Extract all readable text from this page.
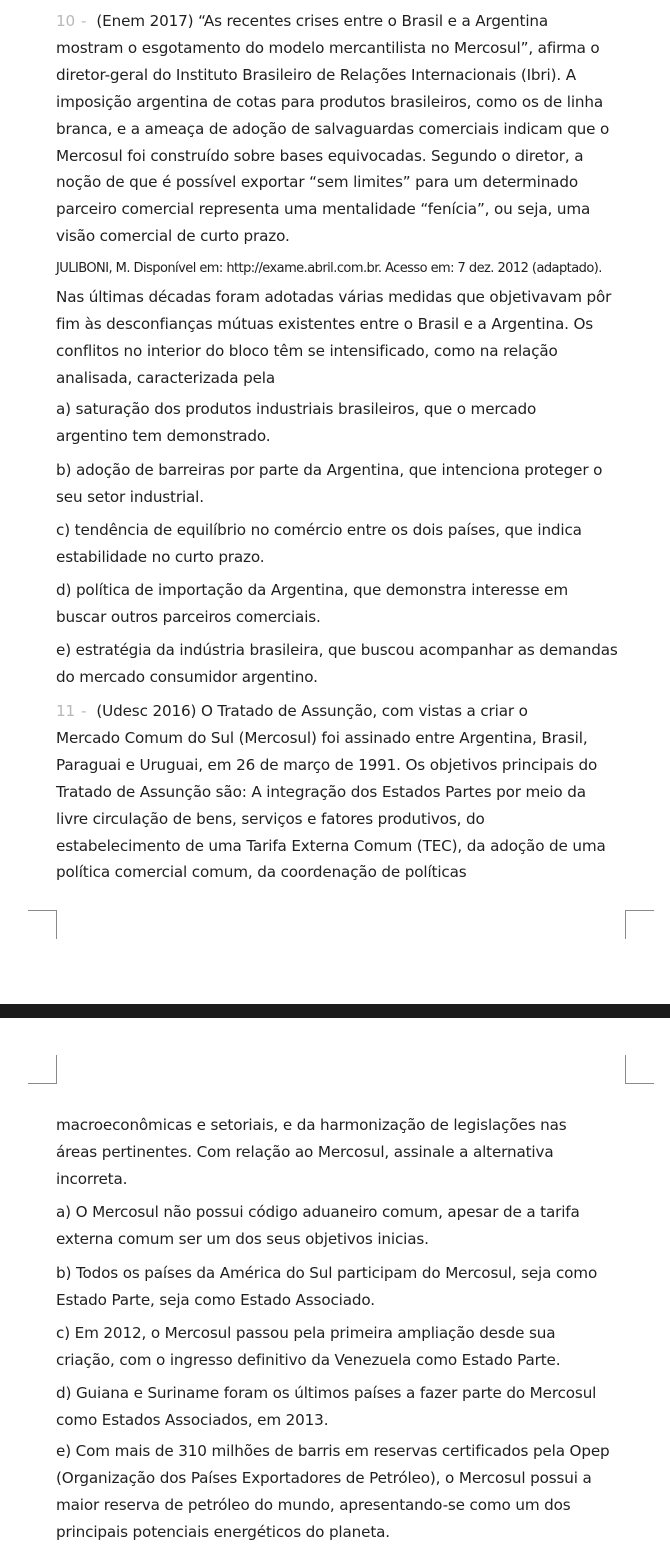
10 - (Enem 2017) “As recentes crises entre o Brasil e a Argentina
mostram o esgotamento do modelo mercantilista no Mercosul”, afirma o
diretor-geral do Instituto Brasileiro de Relações Internacionais (Ibri). A
imposição argentina de cotas para produtos brasileiros, como os de linha
branca, e a ameaça de adoção de salvaguardas comerciais indicam que o
Mercosul foi construído sobre bases equivocadas. Segundo o diretor, a
noção de que é possível exportar “sem limites” para um determinado
parceiro comercial representa uma mentalidade “fenícia”, ou seja, uma
visão comercial de curto prazo.
JULIBONI, M. Disponível em: http://exame.abril.com.br. Acesso em: 7 dez. 2012 (adaptado).
Nas últimas décadas foram adotadas várias medidas que objetivavam pôr
fim às desconfianças mútuas existentes entre o Brasil e a Argentina. Os
conflitos no interior do bloco têm se intensificado, como na relação
analisada, caracterizada pela
a) saturação dos produtos industriais brasileiros, que o mercado
argentino tem demonstrado.
b) adoção de barreiras por parte da Argentina, que intenciona proteger o
seu setor industrial.
c) tendência de equilíbrio no comércio entre os dois países, que indica
estabilidade no curto prazo.
d) política de importação da Argentina, que demonstra interesse em
buscar outros parceiros comerciais.
e) estratégia da indústria brasileira, que buscou acompanhar as demandas
do mercado consumidor argentino.
11 - (Udesc 2016) O Tratado de Assunção, com vistas a criar o
Mercado Comum do Sul (Mercosul) foi assinado entre Argentina, Brasil,
Paraguai e Uruguai, em 26 de março de 1991. Os objetivos principais do
Tratado de Assunção são: A integração dos Estados Partes por meio da
livre circulação de bens, serviços e fatores produtivos, do
estabelecimento de uma Tarifa Externa Comum (TEC), da adoção de uma
política comercial comum, da coordenação de políticas
macroeconômicas e setoriais, e da harmonização de legislações nas
áreas pertinentes. Com relação ao Mercosul, assinale a alternativa
incorreta.
a) O Mercosul não possui código aduaneiro comum, apesar de a tarifa
externa comum ser um dos seus objetivos inicias.
b) Todos os países da América do Sul participam do Mercosul, seja como
Estado Parte, seja como Estado Associado.
c) Em 2012, o Mercosul passou pela primeira ampliação desde sua
criação, com o ingresso definitivo da Venezuela como Estado Parte.
d) Guiana e Suriname foram os últimos países a fazer parte do Mercosul
como Estados Associados, em 2013.
e) Com mais de 310 milhões de barris em reservas certificados pela Opep
(Organização dos Países Exportadores de Petróleo), o Mercosul possui a
maior reserva de petróleo do mundo, apresentando-se como um dos
principais potenciais energéticos do planeta.
